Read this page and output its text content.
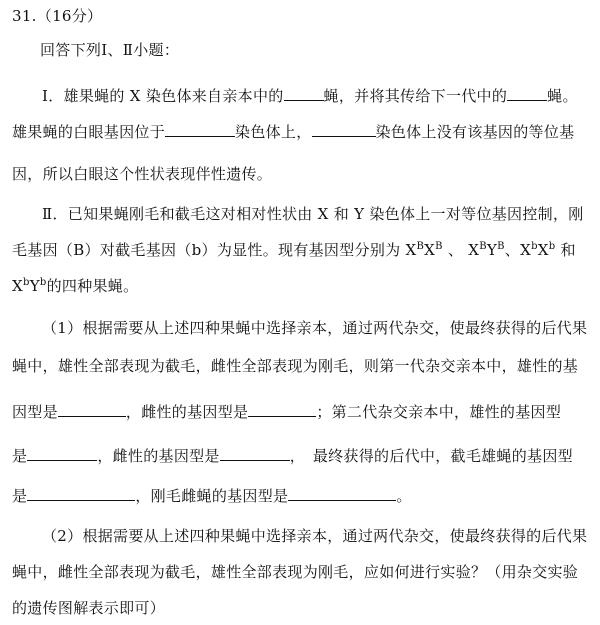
31.（16分）
回答下列Ⅰ、Ⅱ小题：
Ⅰ．雄果蝇的 X 染色体来自亲本中的	蝇，并将其传给下一代中的	蝇。
雄果蝇的白眼基因位于	染色体上，	染色体上没有该基因的等位基
因，所以白眼这个性状表现伴性遗传。
Ⅱ．已知果蝇刚毛和截毛这对相对性状由 X 和 Y 染色体上一对等位基因控制，刚
毛基因（B）对截毛基因（b）为显性。现有基因型分别为 $X^BX^B$ 、 $X^BY^B$、$X^bX^b$ 和
$X^bY^b$的四种果蝇。
（1）根据需要从上述四种果蝇中选择亲本，通过两代杂交，使最终获得的后代果
蝇中，雄性全部表现为截毛，雌性全部表现为刚毛，则第一代杂交亲本中，雄性的基
因型是	，雌性的基因型是	；第二代杂交亲本中，雄性的基因型
是	，雌性的基因型是	，　最终获得的后代中，截毛雄蝇的基因型
是	，刚毛雌蝇的基因型是	。
（2）根据需要从上述四种果蝇中选择亲本，通过两代杂交，使最终获得的后代果
蝇中，雌性全部表现为截毛，雄性全部表现为刚毛，应如何进行实验？（用杂交实验
的遗传图解表示即可）
